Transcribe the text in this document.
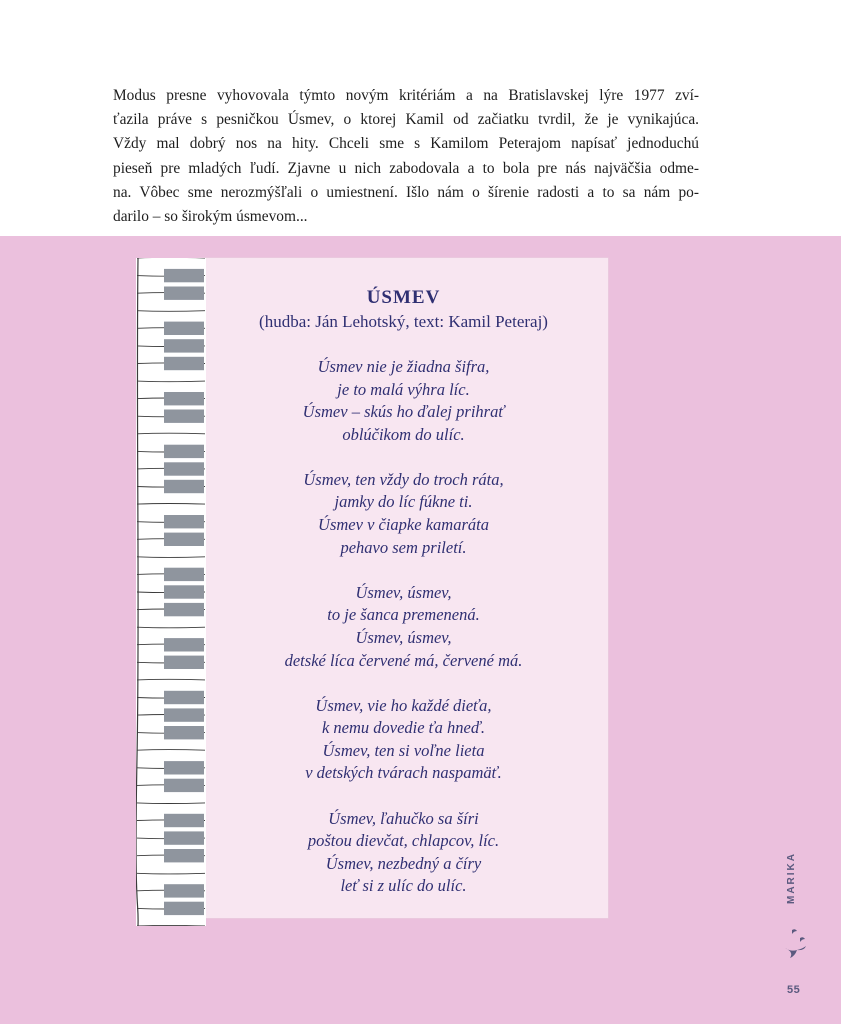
Modus presne vyhovovala týmto novým kritériám a na Bratislavskej lýre 1977 zví-
ťazila práve s pesničkou Úsmev, o ktorej Kamil od začiatku tvrdil, že je vynikajúca.
Vždy mal dobrý nos na hity. Chceli sme s Kamilom Peterajom napísať jednoduchú
pieseň pre mladých ľudí. Zjavne u nich zabodovala a to bola pre nás najväčšia odme-
na. Vôbec sme nerozmýšľali o umiestnení. Išlo nám o šírenie radosti a to sa nám po-
darilo – so širokým úsmevom...
ÚSMEV
(hudba: Ján Lehotský, text: Kamil Peteraj)
Úsmev nie je žiadna šifra,
je to malá výhra líc.
Úsmev – skús ho ďalej prihrať
oblúčikom do ulíc.
Úsmev, ten vždy do troch ráta,
jamky do líc fúkne ti.
Úsmev v čiapke kamaráta
pehavo sem priletí.
Úsmev, úsmev,
to je šanca premenená.
Úsmev, úsmev,
detské líca červené má, červené má.
Úsmev, vie ho každé dieťa,
k nemu dovedie ťa hneď.
Úsmev, ten si voľne lieta
v detských tvárach naspamäť.
Úsmev, ľahučko sa šíri
poštou dievčat, chlapcov, líc.
Úsmev, nezbedný a číry
leť si z ulíc do ulíc.	MARIKA
55
